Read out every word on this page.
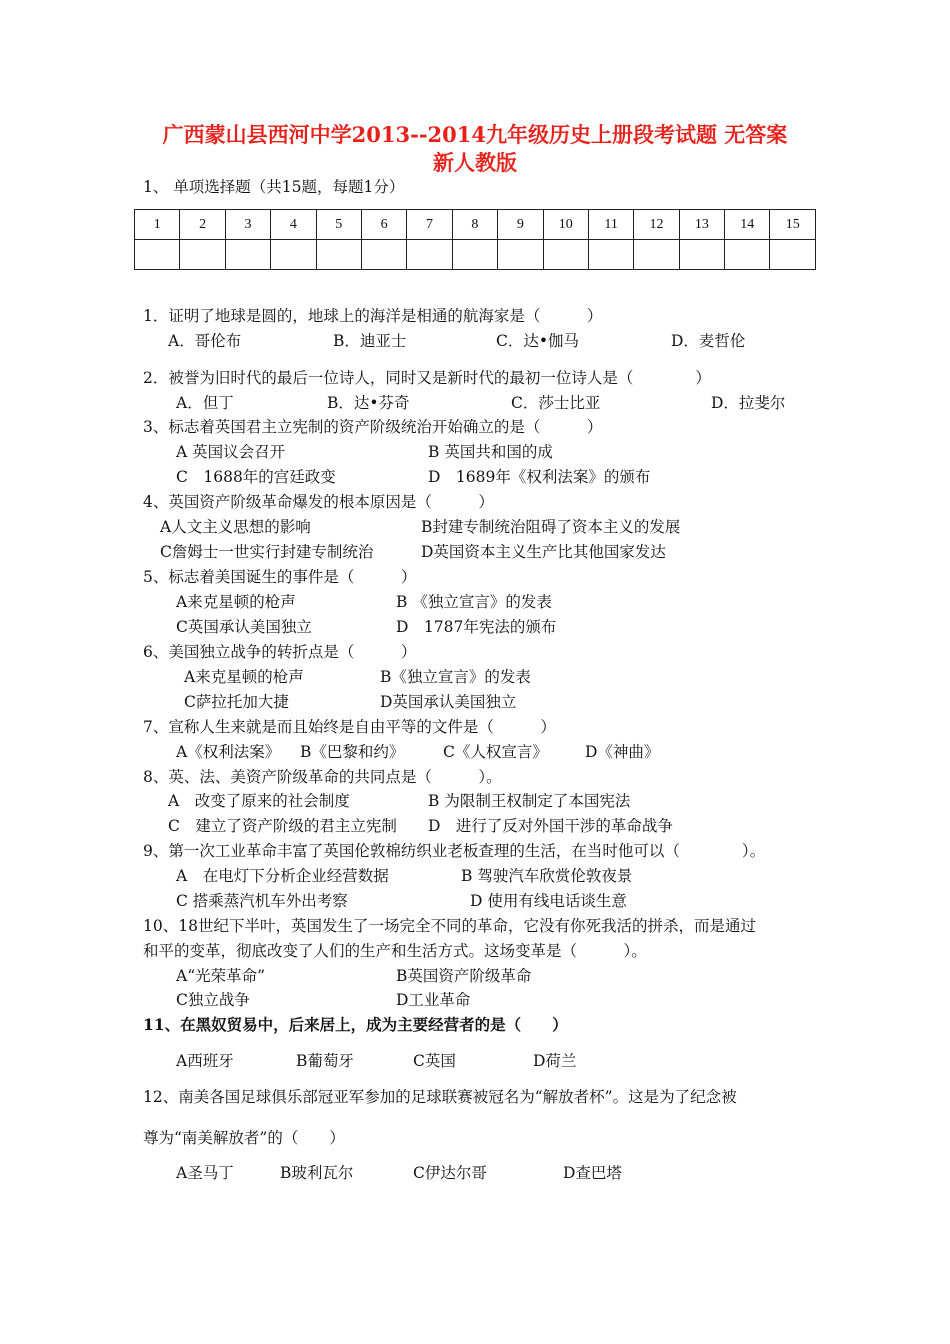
广西蒙山县西河中学2013--2014九年级历史上册段考试题 无答案
新人教版
1、 单项选择题（共15题，每题1分）
1	2	3	4	5	6	7	8	9	10	11	12	13	14	15

1．证明了地球是圆的，地球上的海洋是相通的航海家是（　　　）
A．哥伦布	B．迪亚士	C．达•伽马	D．麦哲伦
2．被誉为旧时代的最后一位诗人，同时又是新时代的最初一位诗人是（　　　　）
A．但丁	B．达•芬奇	C．莎士比亚	D．拉斐尔
3、标志着英国君主立宪制的资产阶级统治开始确立的是（　　　）
A 英国议会召开	B 英国共和国的成
C　1688年的宫廷政变	D　1689年《权利法案》的颁布
4、英国资产阶级革命爆发的根本原因是（　　　）
A人文主义思想的影响	B封建专制统治阻碍了资本主义的发展
C詹姆士一世实行封建专制统治	D英国资本主义生产比其他国家发达
5、标志着美国诞生的事件是（　　　）
A来克星顿的枪声	B 《独立宣言》的发表
C英国承认美国独立	D　1787年宪法的颁布
6、美国独立战争的转折点是（　　　）
A来克星顿的枪声	B《独立宣言》的发表
C萨拉托加大捷	D英国承认美国独立
7、宣称人生来就是而且始终是自由平等的文件是（　　　）
A《权利法案》 B《巴黎和约》 C《人权宣言》 D《神曲》
8、英、法、美资产阶级革命的共同点是（　　　）。
A　改变了原来的社会制度	B 为限制王权制定了本国宪法
C　建立了资产阶级的君主立宪制 D　进行了反对外国干涉的革命战争
9、第一次工业革命丰富了英国伦敦棉纺织业老板查理的生活，在当时他可以（　　　　）。
A　在电灯下分析企业经营数据	B 驾驶汽车欣赏伦敦夜景
C 搭乘蒸汽机车外出考察	D 使用有线电话谈生意
10、18世纪下半叶，英国发生了一场完全不同的革命，它没有你死我活的拼杀，而是通过
和平的变革，彻底改变了人们的生产和生活方式。这场变革是（　　　）。
A“光荣革命”	B英国资产阶级革命
C独立战争	D工业革命
11、在黑奴贸易中，后来居上，成为主要经营者的是（　　）
A西班牙	B葡萄牙	C英国	D荷兰
12、南美各国足球俱乐部冠亚军参加的足球联赛被冠名为“解放者杯”。这是为了纪念被
尊为“南美解放者”的（　　）
A圣马丁	B玻利瓦尔	C伊达尔哥	D查巴塔
